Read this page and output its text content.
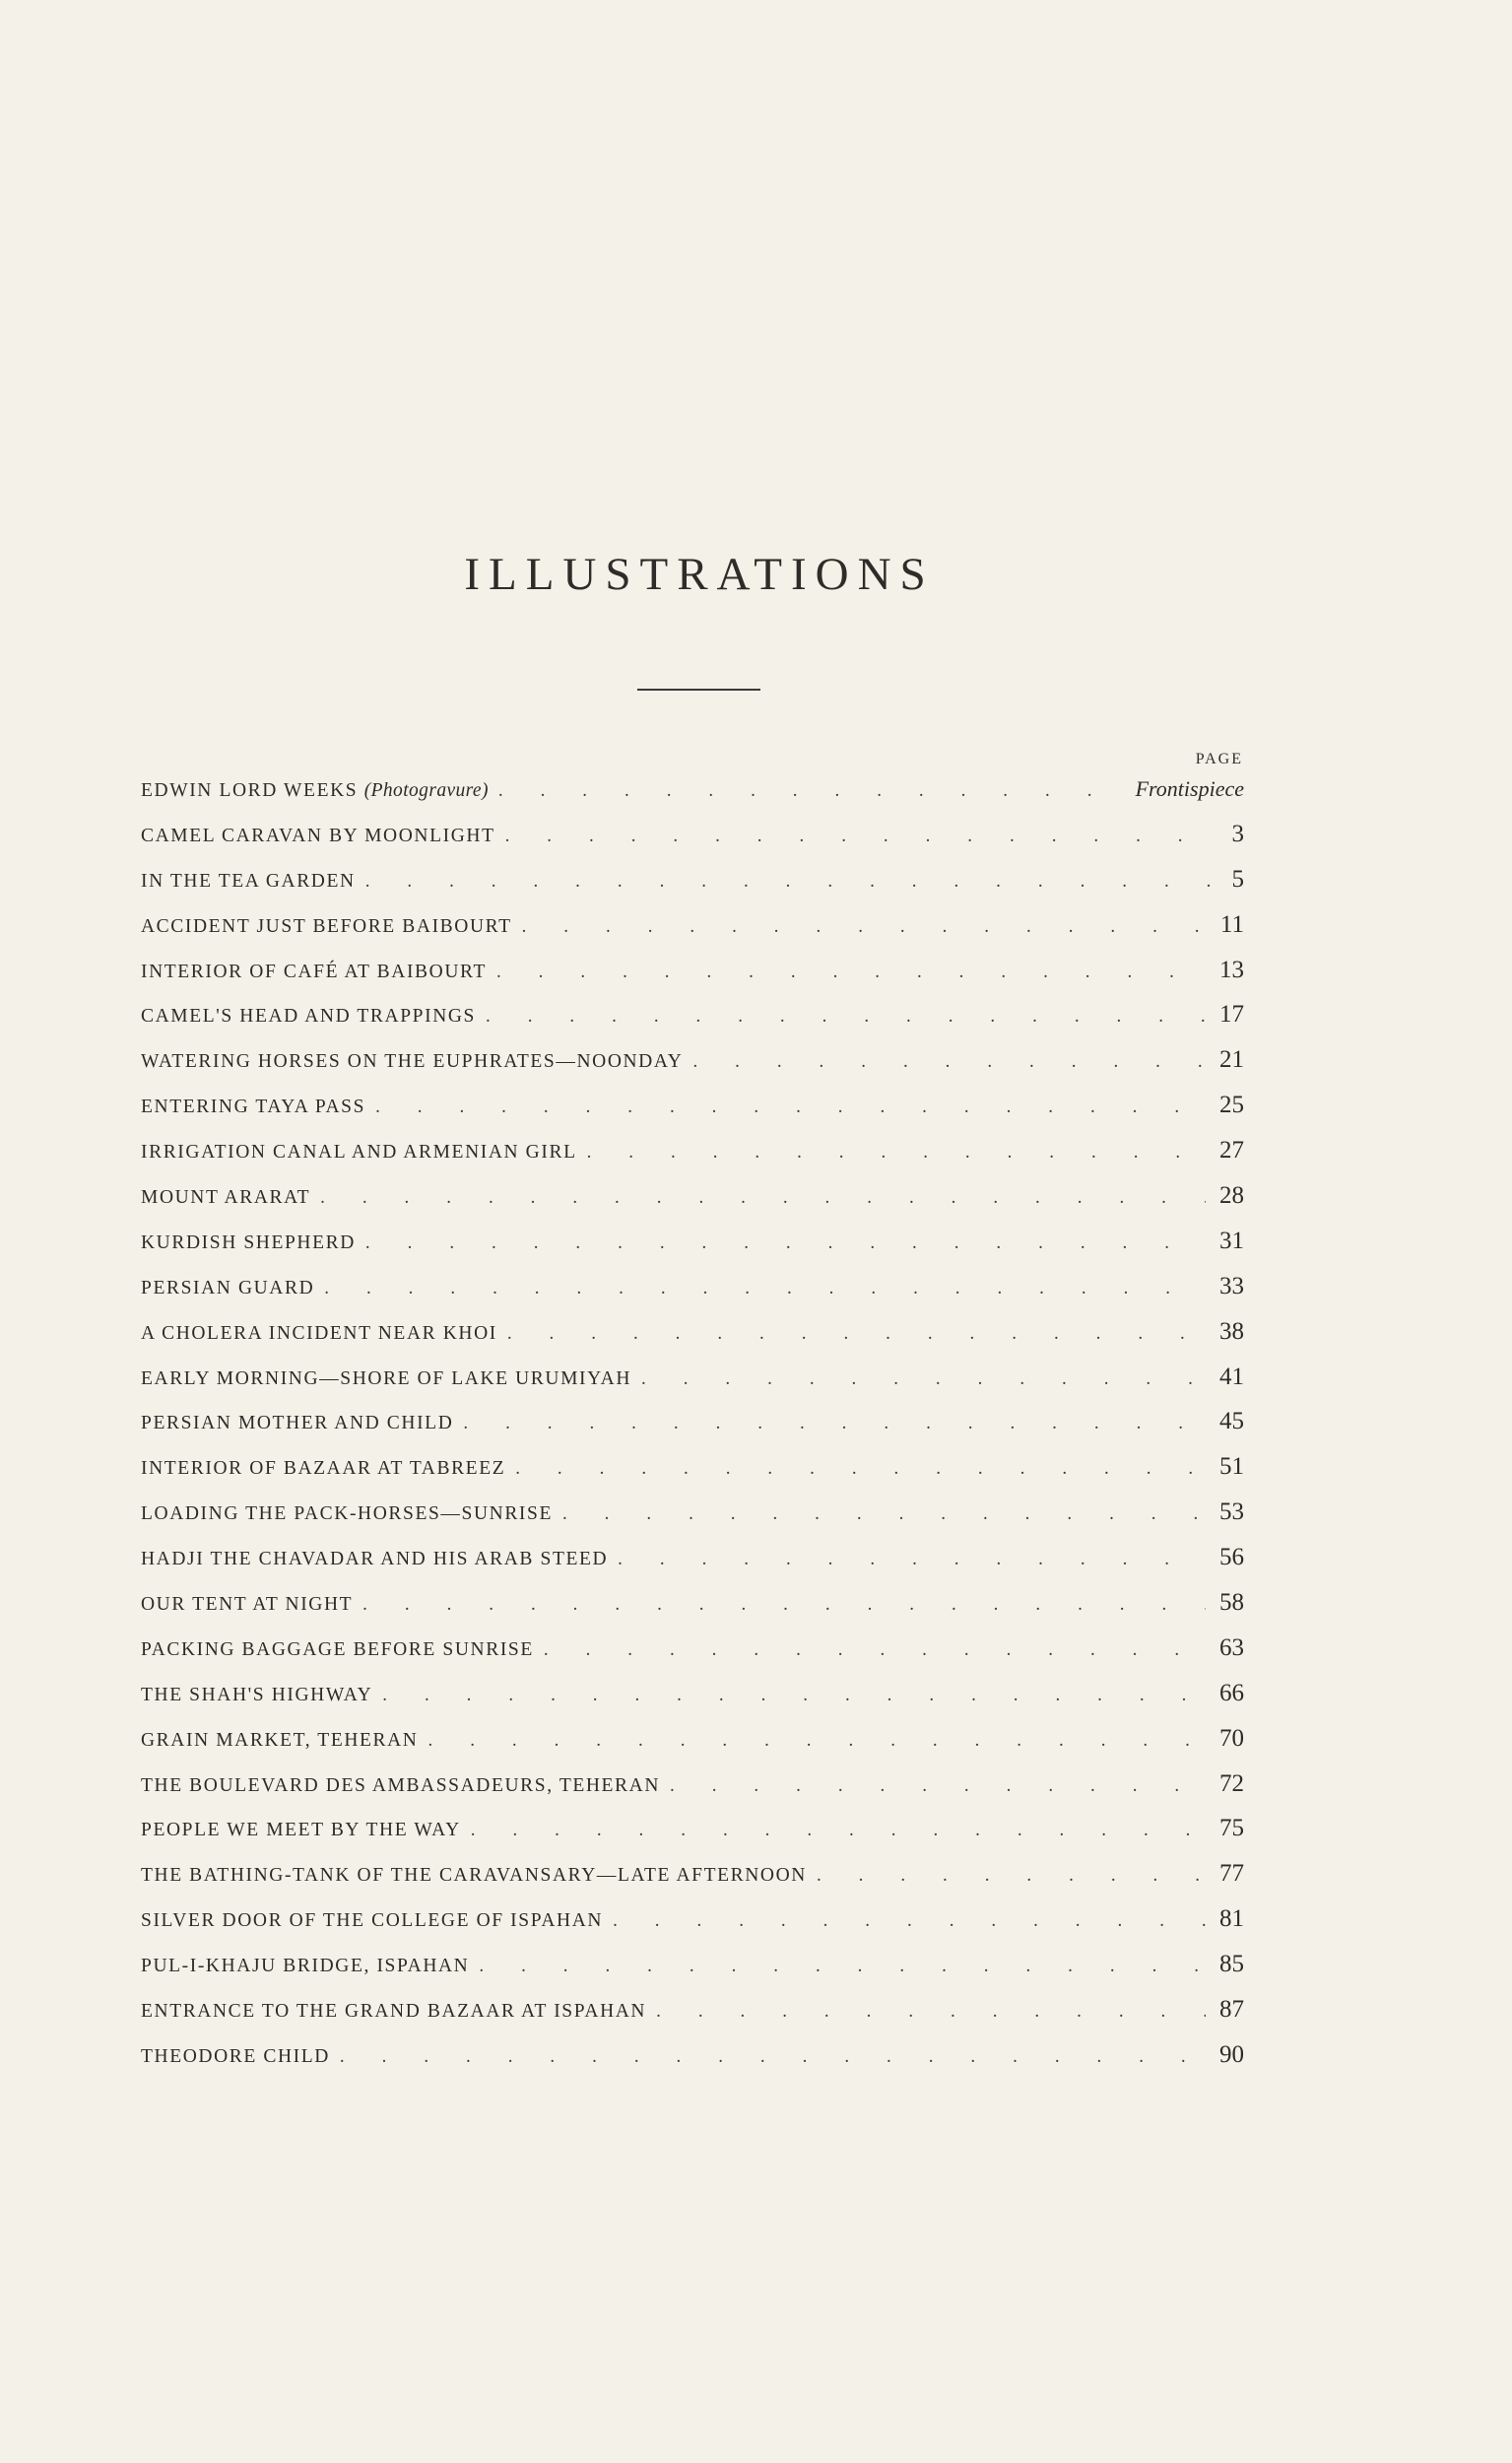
ILLUSTRATIONS
PAGE
EDWIN LORD WEEKS (Photogravure) . . .	Frontispiece
CAMEL CARAVAN BY MOONLIGHT . . .	3
IN THE TEA GARDEN . . .	5
ACCIDENT JUST BEFORE BAIBOURT . . .	11
INTERIOR OF CAFÉ AT BAIBOURT . . .	13
CAMEL'S HEAD AND TRAPPINGS . . .	17
WATERING HORSES ON THE EUPHRATES—NOONDAY . . .	21
ENTERING TAYA PASS . . .	25
IRRIGATION CANAL AND ARMENIAN GIRL . . .	27
MOUNT ARARAT . . .	28
KURDISH SHEPHERD . . .	31
PERSIAN GUARD . . .	33
A CHOLERA INCIDENT NEAR KHOI . . .	38
EARLY MORNING—SHORE OF LAKE URUMIYAH . . .	41
PERSIAN MOTHER AND CHILD . . .	45
INTERIOR OF BAZAAR AT TABREEZ . . .	51
LOADING THE PACK-HORSES—SUNRISE . . .	53
HADJI THE CHAVADAR AND HIS ARAB STEED . . .	56
OUR TENT AT NIGHT . . .	58
PACKING BAGGAGE BEFORE SUNRISE . . .	63
THE SHAH'S HIGHWAY . . .	66
GRAIN MARKET, TEHERAN . . .	70
THE BOULEVARD DES AMBASSADEURS, TEHERAN . . .	72
PEOPLE WE MEET BY THE WAY . . .	75
THE BATHING-TANK OF THE CARAVANSARY—LATE AFTERNOON . . .	77
SILVER DOOR OF THE COLLEGE OF ISPAHAN . . .	81
PUL-I-KHAJU BRIDGE, ISPAHAN . . .	85
ENTRANCE TO THE GRAND BAZAAR AT ISPAHAN . . .	87
THEODORE CHILD . . .	90
